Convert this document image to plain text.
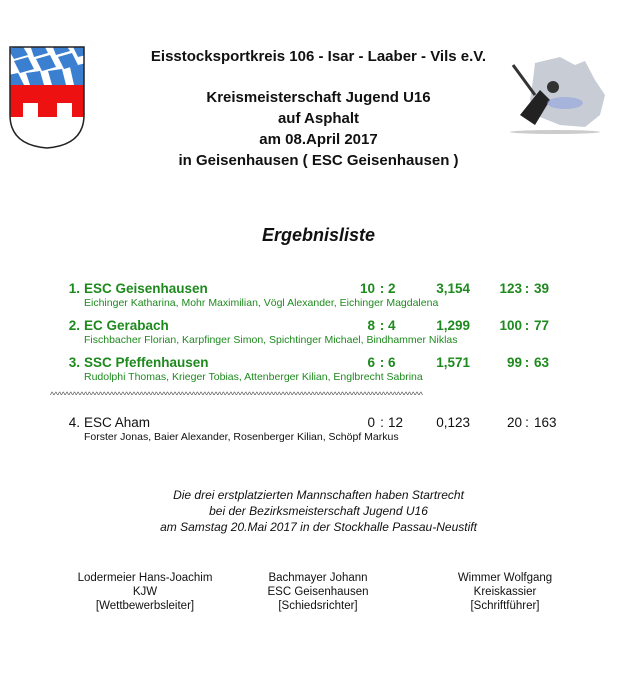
Eisstocksportkreis 106 - Isar - Laaber - Vils e.V.
Kreismeisterschaft Jugend U16
auf Asphalt
am 08.April 2017
in Geisenhausen ( ESC Geisenhausen )
Ergebnisliste
1. ESC Geisenhausen	10 : 2	3,154	123 : 39
Eichinger Katharina, Mohr Maximilian, Vögl Alexander, Eichinger Magdalena
2. EC Gerabach	8 : 4	1,299	100 : 77
Fischbacher Florian, Karpfinger Simon, Spichtinger Michael, Bindhammer Niklas
3. SSC Pfeffenhausen	6 : 6	1,571	99 : 63
Rudolphi Thomas, Krieger Tobias, Attenberger Kilian, Englbrecht Sabrina
^^^^^^^^^^^^^^^^^^^^^^^^^^^^^^^^^^^^^^^^^^^^^^^^^^^^^^^^^^^^^^^^^^^^^^^^^^^^^^^^^^^^^^^^^^^^^^^^^^^^
4. ESC Aham	0 : 12	0,123	20 : 163
Forster Jonas, Baier Alexander, Rosenberger Kilian, Schöpf Markus
Die drei erstplatzierten Mannschaften haben Startrecht
bei der Bezirksmeisterschaft Jugend U16
am Samstag 20.Mai 2017 in der Stockhalle Passau-Neustift
Lodermeier Hans-Joachim
KJW
[Wettbewerbsleiter]
Bachmayer Johann
ESC Geisenhausen
[Schiedsrichter]
Wimmer Wolfgang
Kreiskassier
[Schriftführer]
